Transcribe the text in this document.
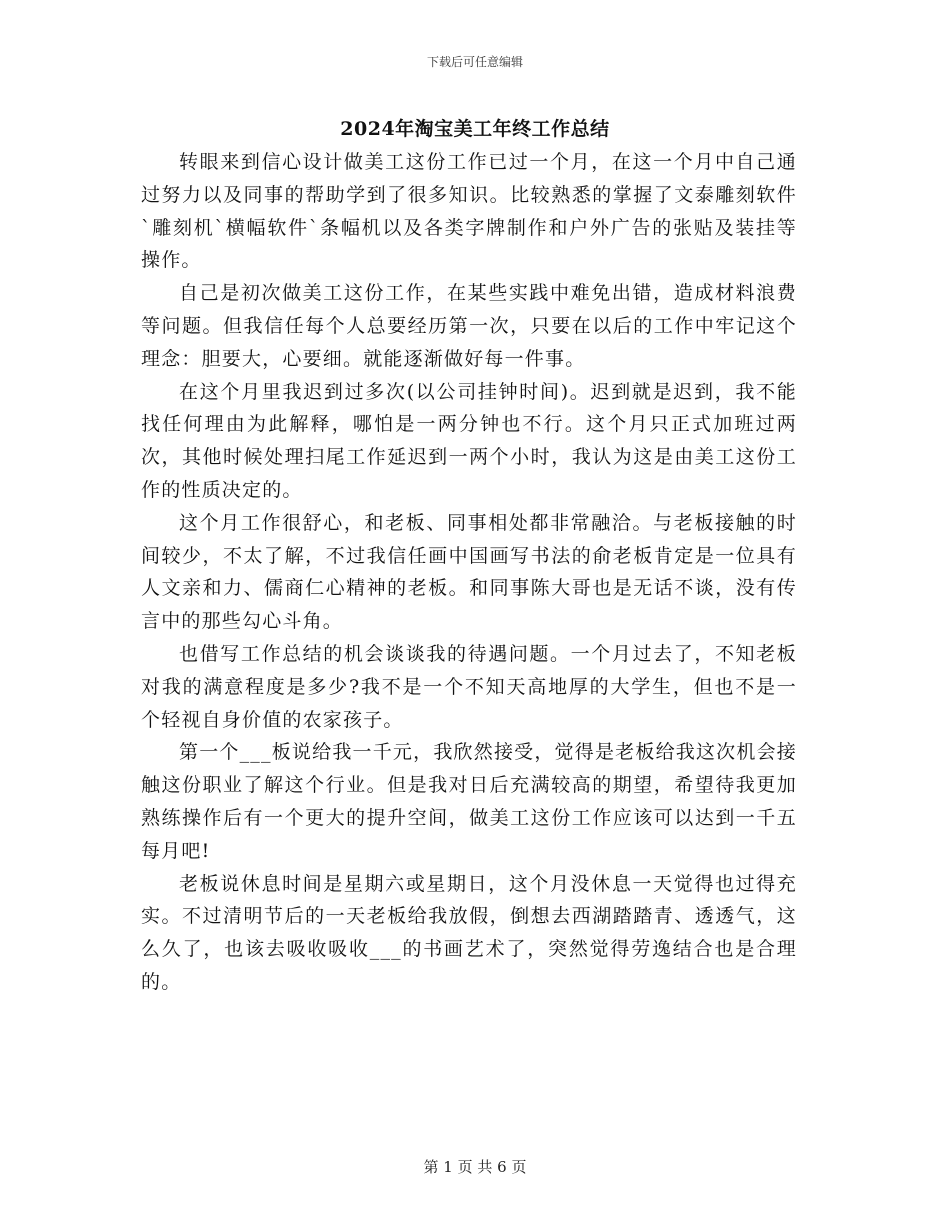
下载后可任意编辑
2024年淘宝美工年终工作总结

转眼来到信心设计做美工这份工作已过一个月，在这一个月中自己通过努力以及同事的帮助学到了很多知识。比较熟悉的掌握了文泰雕刻软件`雕刻机`横幅软件`条幅机以及各类字牌制作和户外广告的张贴及装挂等操作。

自己是初次做美工这份工作，在某些实践中难免出错，造成材料浪费等问题。但我信任每个人总要经历第一次，只要在以后的工作中牢记这个理念：胆要大，心要细。就能逐渐做好每一件事。

在这个月里我迟到过多次(以公司挂钟时间)。迟到就是迟到，我不能找任何理由为此解释，哪怕是一两分钟也不行。这个月只正式加班过两次，其他时候处理扫尾工作延迟到一两个小时，我认为这是由美工这份工作的性质决定的。

这个月工作很舒心，和老板、同事相处都非常融洽。与老板接触的时间较少，不太了解，不过我信任画中国画写书法的俞老板肯定是一位具有人文亲和力、儒商仁心精神的老板。和同事陈大哥也是无话不谈，没有传言中的那些勾心斗角。

也借写工作总结的机会谈谈我的待遇问题。一个月过去了，不知老板对我的满意程度是多少?我不是一个不知天高地厚的大学生，但也不是一个轻视自身价值的农家孩子。

第一个___板说给我一千元，我欣然接受，觉得是老板给我这次机会接触这份职业了解这个行业。但是我对日后充满较高的期望，希望待我更加熟练操作后有一个更大的提升空间，做美工这份工作应该可以达到一千五每月吧!

老板说休息时间是星期六或星期日，这个月没休息一天觉得也过得充实。不过清明节后的一天老板给我放假，倒想去西湖踏踏青、透透气，这么久了，也该去吸收吸收___的书画艺术了，突然觉得劳逸结合也是合理的。

第 1 页 共 6 页
